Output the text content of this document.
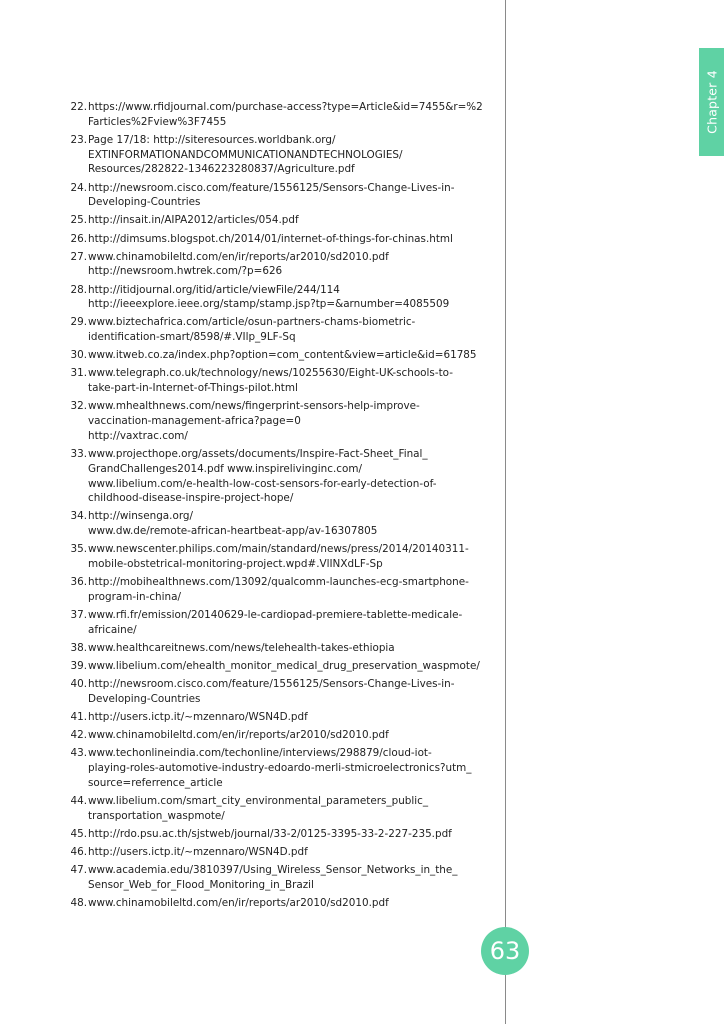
Chapter 4
22. https://www.rfidjournal.com/purchase-access?type=Article&id=7455&r=%2
Farticles%2Fview%3F7455
23. Page 17/18: http://siteresources.worldbank.org/
EXTINFORMATIONANDCOMMUNICATIONANDTECHNOLOGIES/
Resources/282822-1346223280837/Agriculture.pdf
24. http://newsroom.cisco.com/feature/1556125/Sensors-Change-Lives-in-
Developing-Countries
25. http://insait.in/AIPA2012/articles/054.pdf
26. http://dimsums.blogspot.ch/2014/01/internet-of-things-for-chinas.html
27. www.chinamobileltd.com/en/ir/reports/ar2010/sd2010.pdf
http://newsroom.hwtrek.com/?p=626
28. http://itidjournal.org/itid/article/viewFile/244/114
http://ieeexplore.ieee.org/stamp/stamp.jsp?tp=&arnumber=4085509
29. www.biztechafrica.com/article/osun-partners-chams-biometric-
identification-smart/8598/#.VIlp_9LF-Sq
30. www.itweb.co.za/index.php?option=com_content&view=article&id=61785
31. www.telegraph.co.uk/technology/news/10255630/Eight-UK-schools-to-
take-part-in-Internet-of-Things-pilot.html
32. www.mhealthnews.com/news/fingerprint-sensors-help-improve-
vaccination-management-africa?page=0
http://vaxtrac.com/
33. www.projecthope.org/assets/documents/Inspire-Fact-Sheet_Final_
GrandChallenges2014.pdf www.inspirelivinginc.com/
www.libelium.com/e-health-low-cost-sensors-for-early-detection-of-
childhood-disease-inspire-project-hope/
34. http://winsenga.org/
www.dw.de/remote-african-heartbeat-app/av-16307805
35. www.newscenter.philips.com/main/standard/news/press/2014/20140311-
mobile-obstetrical-monitoring-project.wpd#.VlINXdLF-Sp
36. http://mobihealthnews.com/13092/qualcomm-launches-ecg-smartphone-
program-in-china/
37. www.rfi.fr/emission/20140629-le-cardiopad-premiere-tablette-medicale-
africaine/
38. www.healthcareitnews.com/news/telehealth-takes-ethiopia
39. www.libelium.com/ehealth_monitor_medical_drug_preservation_waspmote/
40. http://newsroom.cisco.com/feature/1556125/Sensors-Change-Lives-in-
Developing-Countries
41. http://users.ictp.it/~mzennaro/WSN4D.pdf
42. www.chinamobileltd.com/en/ir/reports/ar2010/sd2010.pdf
43. www.techonlineindia.com/techonline/interviews/298879/cloud-iot-
playing-roles-automotive-industry-edoardo-merli-stmicroelectronics?utm_
source=referrence_article
44. www.libelium.com/smart_city_environmental_parameters_public_
transportation_waspmote/
45. http://rdo.psu.ac.th/sjstweb/journal/33-2/0125-3395-33-2-227-235.pdf
46. http://users.ictp.it/~mzennaro/WSN4D.pdf
47. www.academia.edu/3810397/Using_Wireless_Sensor_Networks_in_the_
Sensor_Web_for_Flood_Monitoring_in_Brazil
48. www.chinamobileltd.com/en/ir/reports/ar2010/sd2010.pdf
63
